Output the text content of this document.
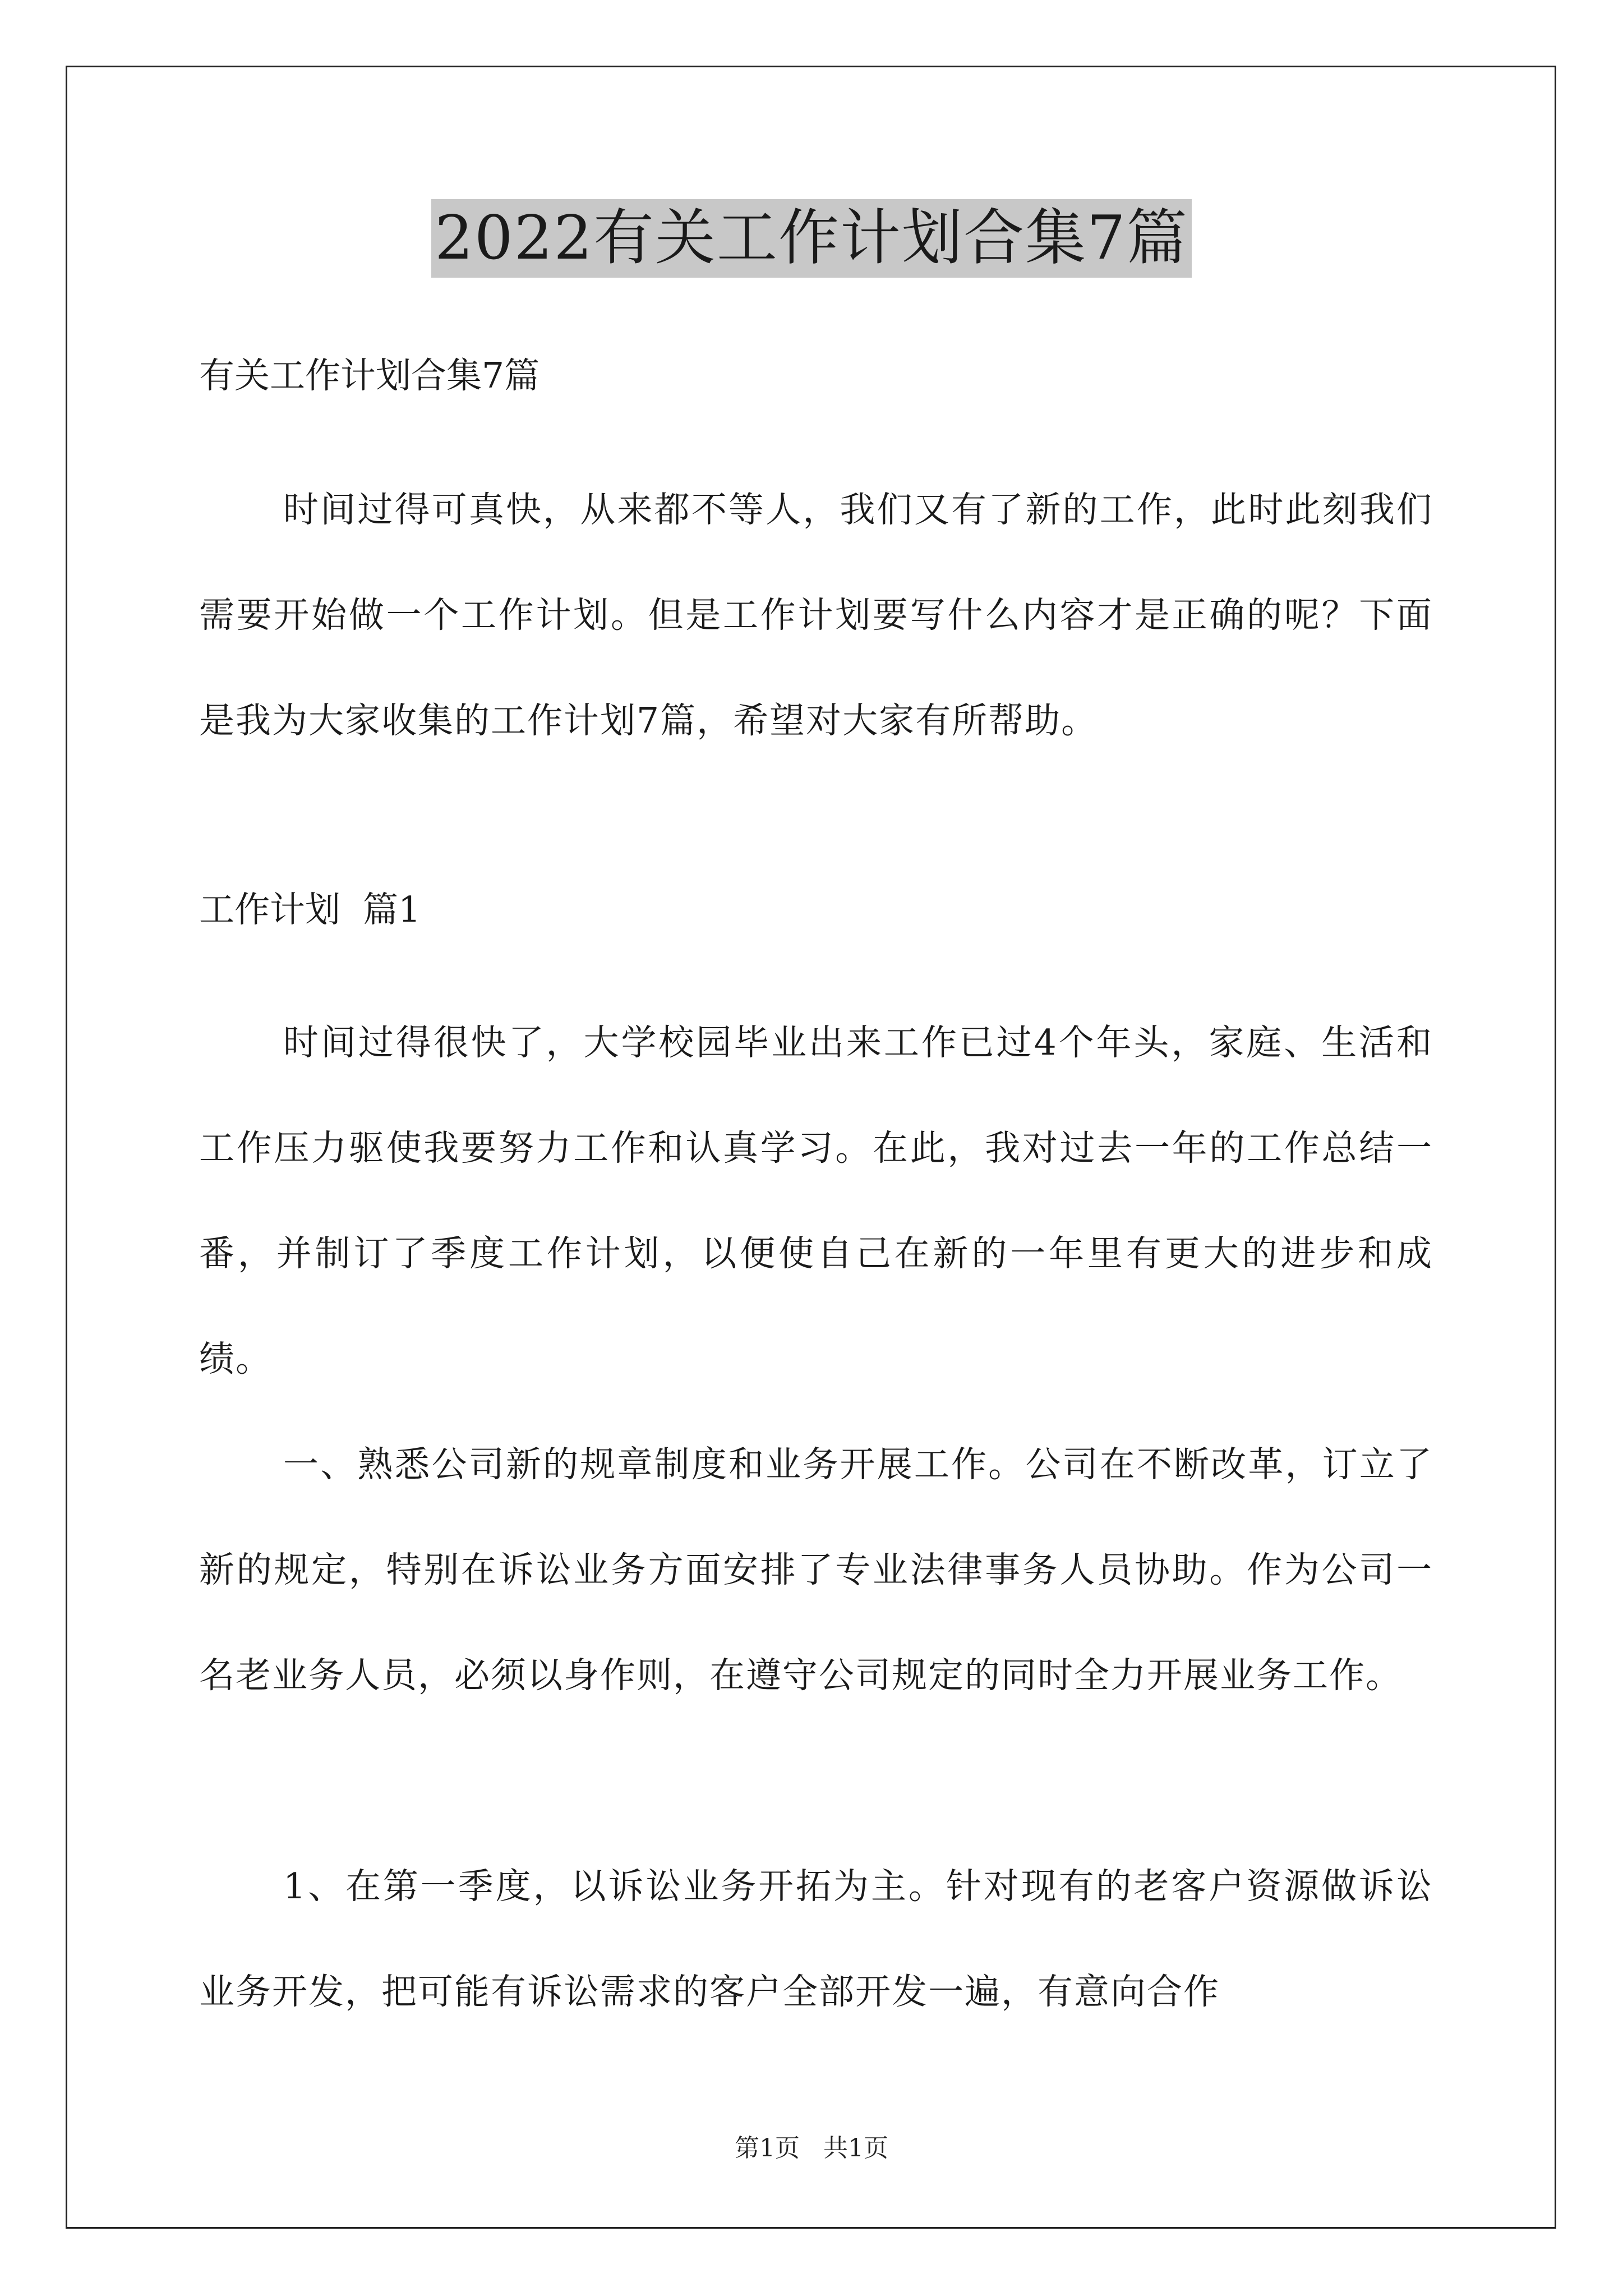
2022有关工作计划合集7篇

有关工作计划合集7篇

时间过得可真快，从来都不等人，我们又有了新的工作，此时此刻我们需要开始做一个工作计划。但是工作计划要写什么内容才是正确的呢？下面是我为大家收集的工作计划7篇，希望对大家有所帮助。

工作计划  篇1

时间过得很快了，大学校园毕业出来工作已过4个年头，家庭、生活和工作压力驱使我要努力工作和认真学习。在此，我对过去一年的工作总结一番，并制订了季度工作计划，以便使自己在新的一年里有更大的进步和成绩。

一、熟悉公司新的规章制度和业务开展工作。公司在不断改革，订立了新的规定，特别在诉讼业务方面安排了专业法律事务人员协助。作为公司一名老业务人员，必须以身作则，在遵守公司规定的同时全力开展业务工作。

1、在第一季度，以诉讼业务开拓为主。针对现有的老客户资源做诉讼业务开发，把可能有诉讼需求的客户全部开发一遍，有意向合作

第1页   共1页
